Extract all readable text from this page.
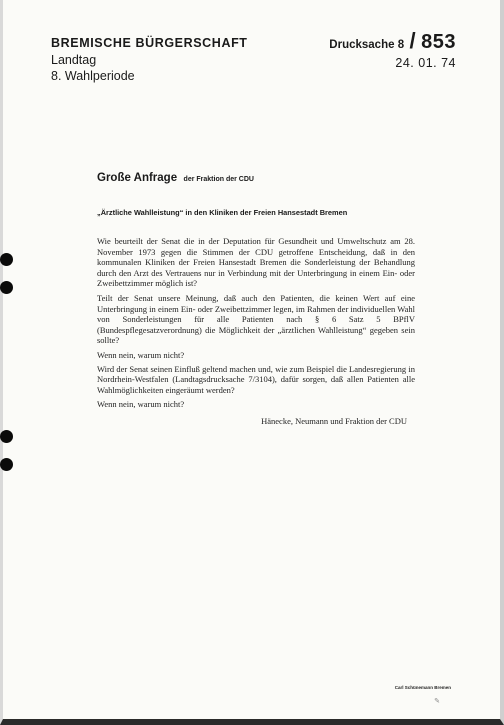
BREMISCHE BÜRGERSCHAFT
Landtag
8. Wahlperiode
Drucksache 8 / 853
24. 01. 74
Große Anfrage der Fraktion der CDU
„Ärztliche Wahlleistung“ in den Kliniken der Freien Hansestadt Bremen

Wie beurteilt der Senat die in der Deputation für Gesundheit und Umweltschutz am 28. November 1973 gegen die Stimmen der CDU getroffene Entscheidung, daß in den kommunalen Kliniken der Freien Hansestadt Bremen die Sonderleistung der Behandlung durch den Arzt des Vertrauens nur in Verbindung mit der Unterbringung in einem Ein- oder Zweibettzimmer möglich ist?

Teilt der Senat unsere Meinung, daß auch den Patienten, die keinen Wert auf eine Unterbringung in einem Ein- oder Zweibettzimmer legen, im Rahmen der individuellen Wahl von Sonderleistungen für alle Patienten nach § 6 Satz 5 BPflV (Bundespflegesatzverordnung) die Möglichkeit der „ärztlichen Wahlleistung“ gegeben sein sollte?

Wenn nein, warum nicht?

Wird der Senat seinen Einfluß geltend machen und, wie zum Beispiel die Landesregierung in Nordrhein-Westfalen (Landtagsdrucksache 7/3104), dafür sorgen, daß allen Patienten alle Wahlmöglichkeiten eingeräumt werden?

Wenn nein, warum nicht?

Hänecke, Neumann und Fraktion der CDU
Carl Schünemann Bremen
✎
